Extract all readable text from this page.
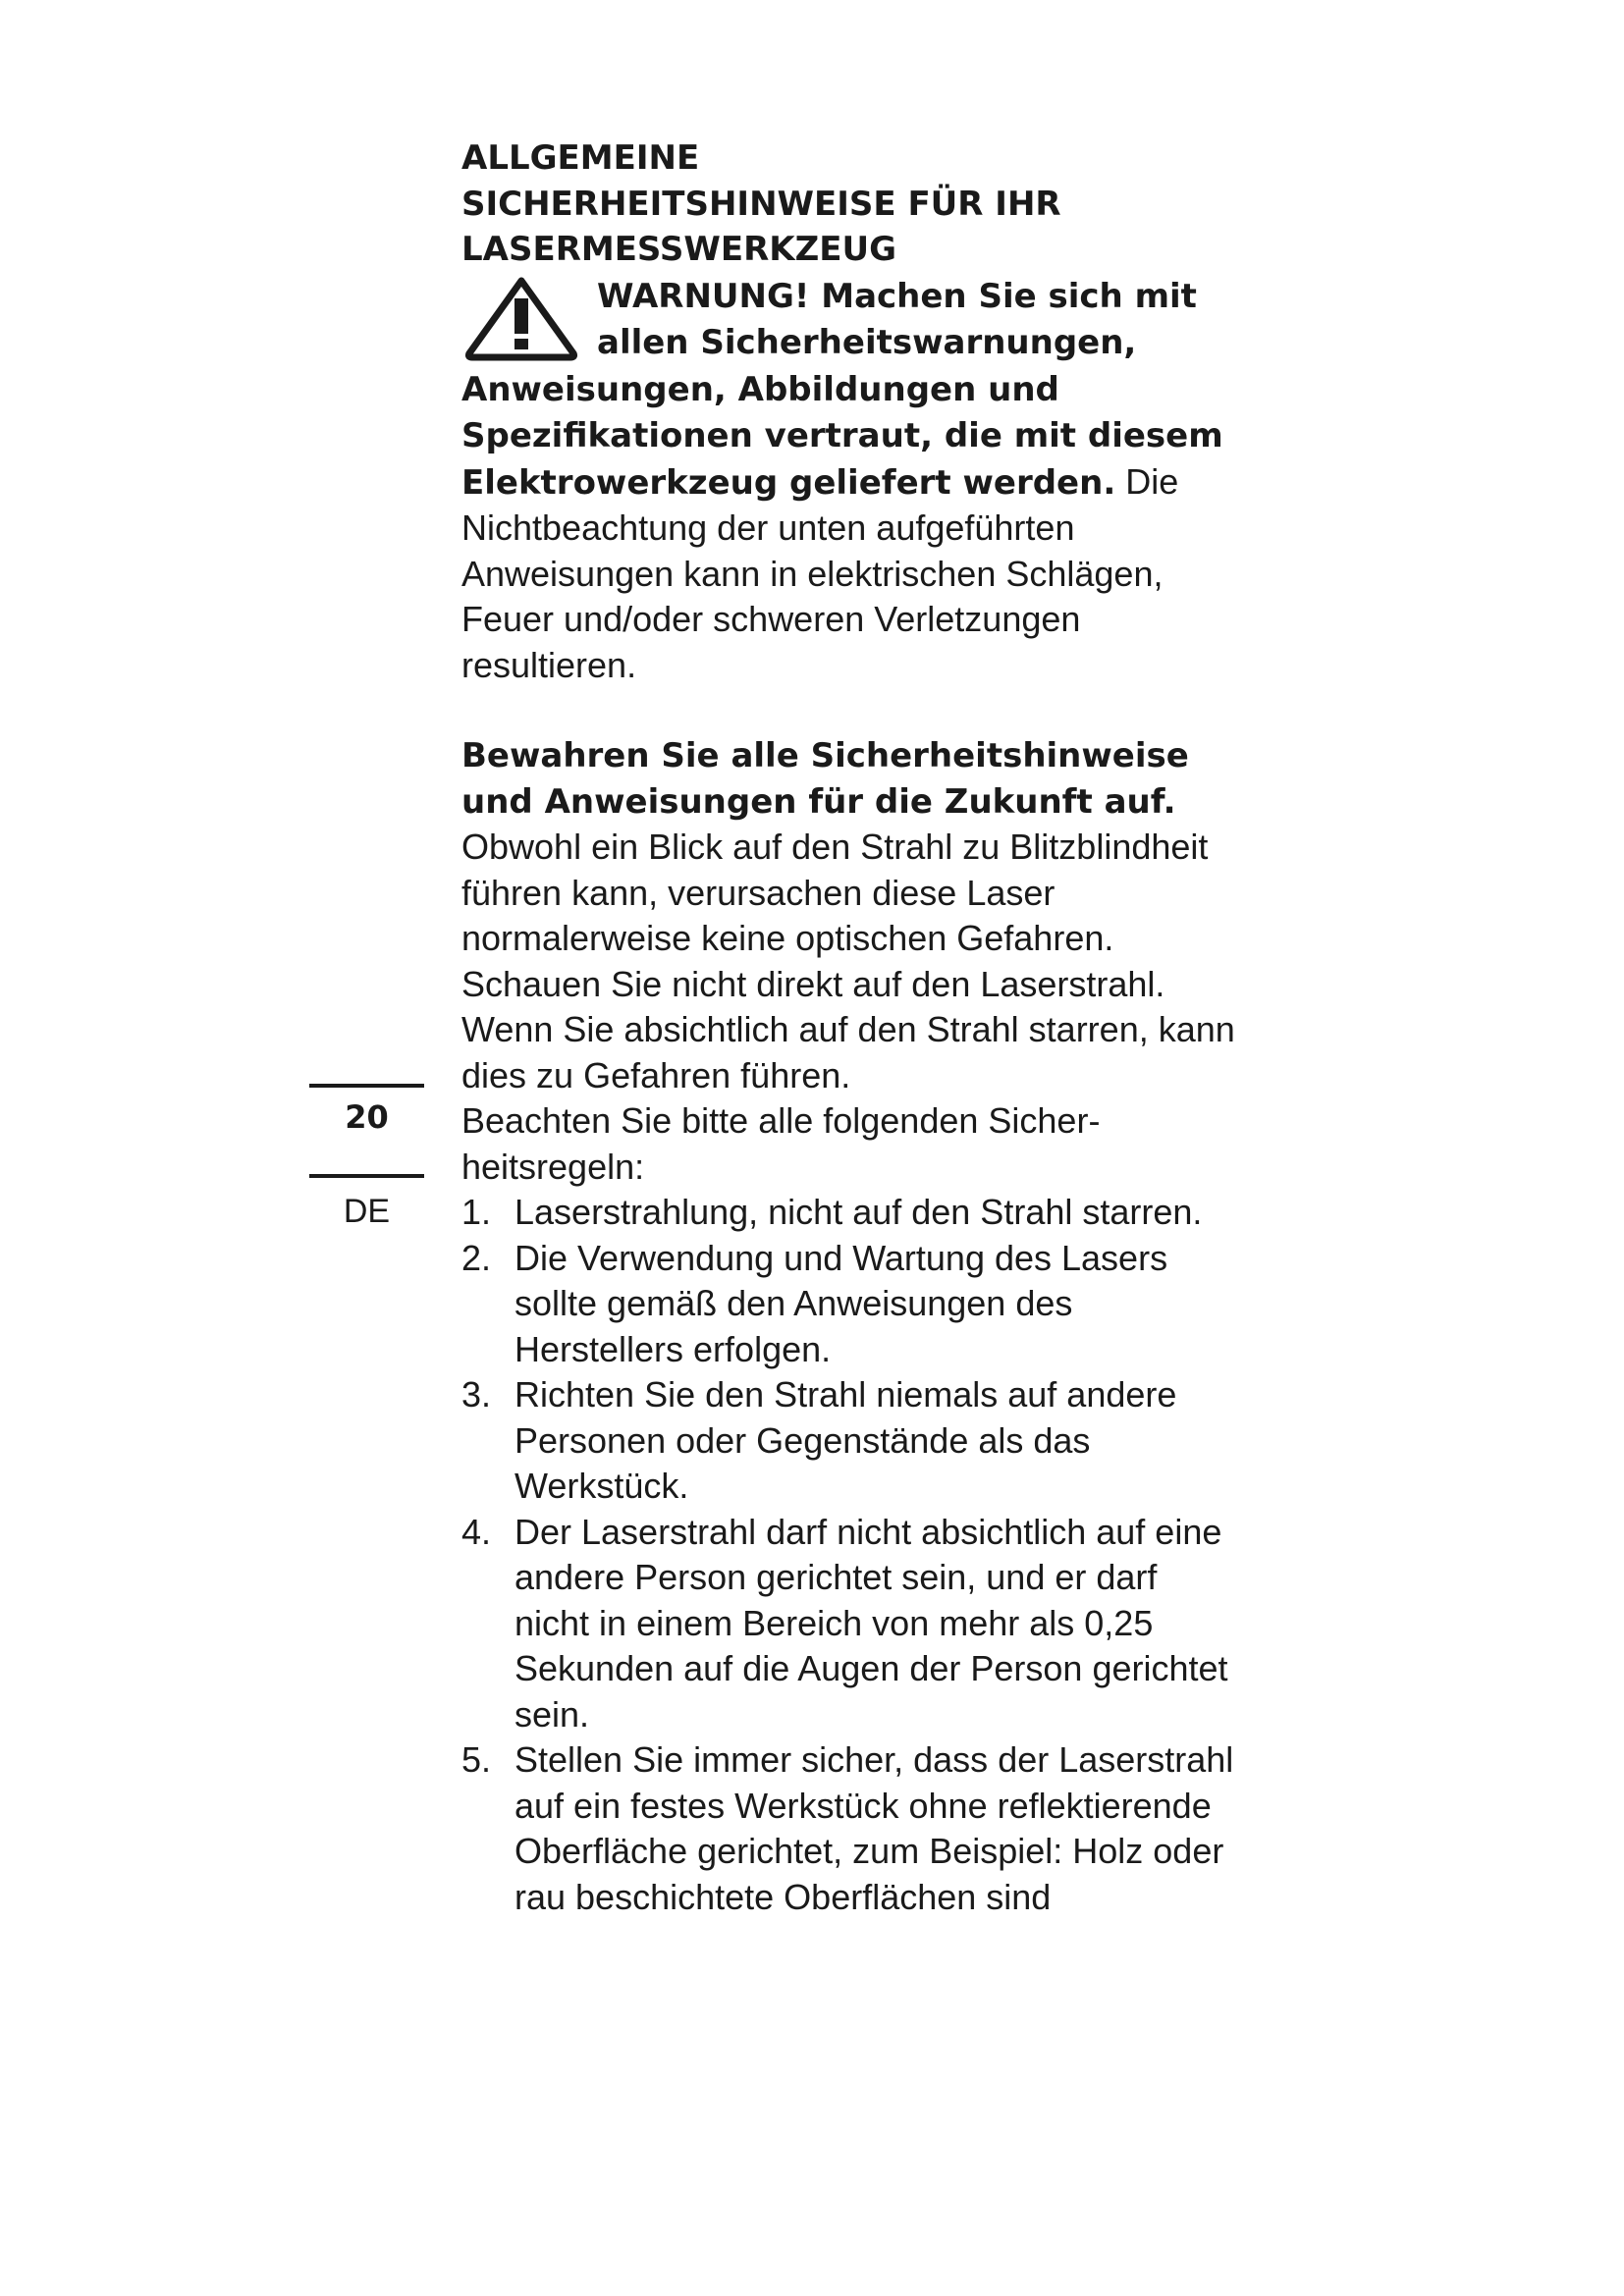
20
DE
ALLGEMEINE
SICHERHEITSHINWEISE FÜR IHR
LASERMESSWERKZEUG

WARNUNG! Machen Sie sich mit allen Sicherheitswarnungen, Anweisungen, Abbildungen und Spezifikationen vertraut, die mit diesem Elektrowerkzeug geliefert werden. Die Nichtbeachtung der unten aufgeführten Anweisungen kann in elektrischen Schlägen, Feuer und/oder schweren Verletzungen resultieren.

Bewahren Sie alle Sicherheitshinweise und Anweisungen für die Zukunft auf.

Obwohl ein Blick auf den Strahl zu Blitzblindheit führen kann, verursachen diese Laser normalerweise keine optischen Gefahren.

Schauen Sie nicht direkt auf den Laserstrahl. Wenn Sie absichtlich auf den Strahl starren, kann dies zu Gefahren führen.

Beachten Sie bitte alle folgenden Sicherheitsregeln:

1. Laserstrahlung, nicht auf den Strahl starren.
2. Die Verwendung und Wartung des Lasers sollte gemäß den Anweisungen des Herstellers erfolgen.
3. Richten Sie den Strahl niemals auf andere Personen oder Gegenstände als das Werkstück.
4. Der Laserstrahl darf nicht absichtlich auf eine andere Person gerichtet sein, und er darf nicht in einem Bereich von mehr als 0,25 Sekunden auf die Augen der Person gerichtet sein.
5. Stellen Sie immer sicher, dass der Laserstrahl auf ein festes Werkstück ohne reflektierende Oberfläche gerichtet, zum Beispiel: Holz oder rau beschichtete Oberflächen sind
